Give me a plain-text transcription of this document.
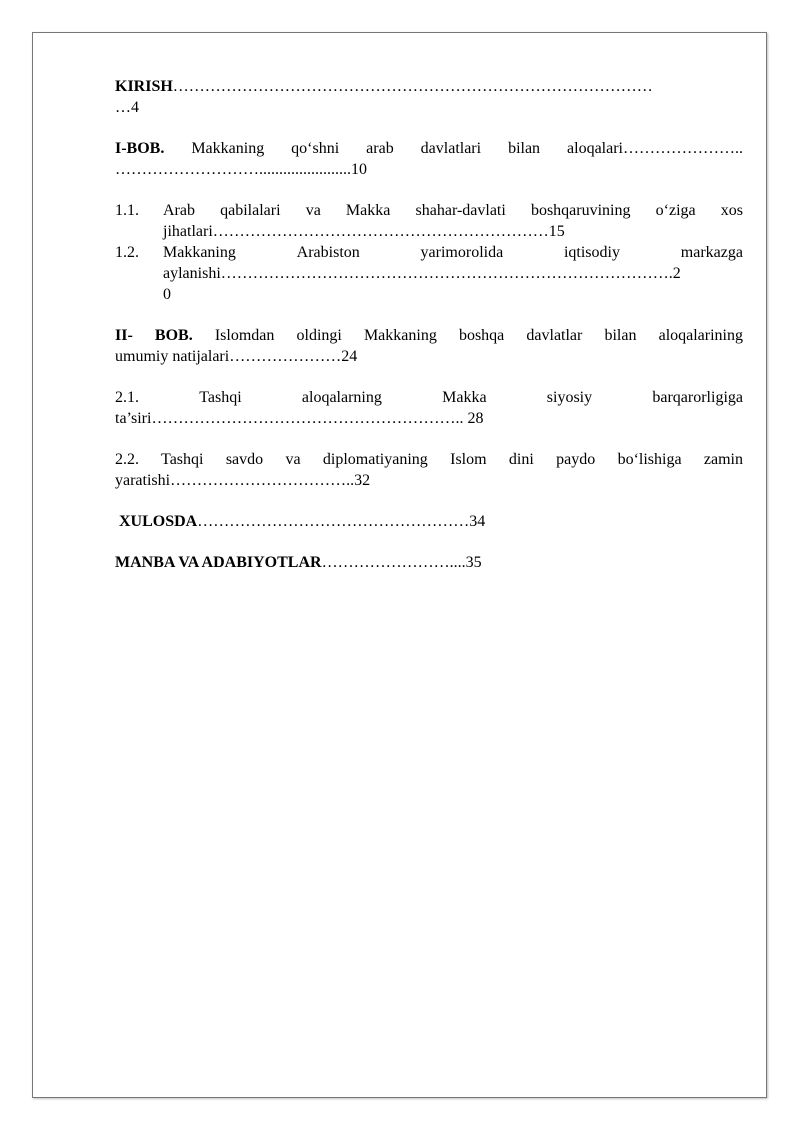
KIRISH………………………………………………………………………………
…4
I-BOB. Makkaning qo‘shni arab davlatlari bilan aloqalari…………………..
……………………….......................10
1.1.	Arab qabilalari va Makka shahar-davlati boshqaruvining o‘ziga xos
jihatlari………………………………………………………15
1.2.	Makkaning	Arabiston	yarimorolida	iqtisodiy	markazga
aylanishi………………………………………………………………………….2
0
II- BOB. Islomdan oldingi Makkaning boshqa davlatlar bilan aloqalarining
umumiy natijalari…………………24
2.1.	Tashqi	aloqalarning	Makka	siyosiy	barqarorligiga
ta’siri………………………………………………….. 28
2.2. Tashqi savdo va diplomatiyaning Islom dini paydo bo‘lishiga zamin
yaratishi……………………………..32
XULOSDA……………………………………………34
MANBA VA ADABIYOTLAR……………………....35
